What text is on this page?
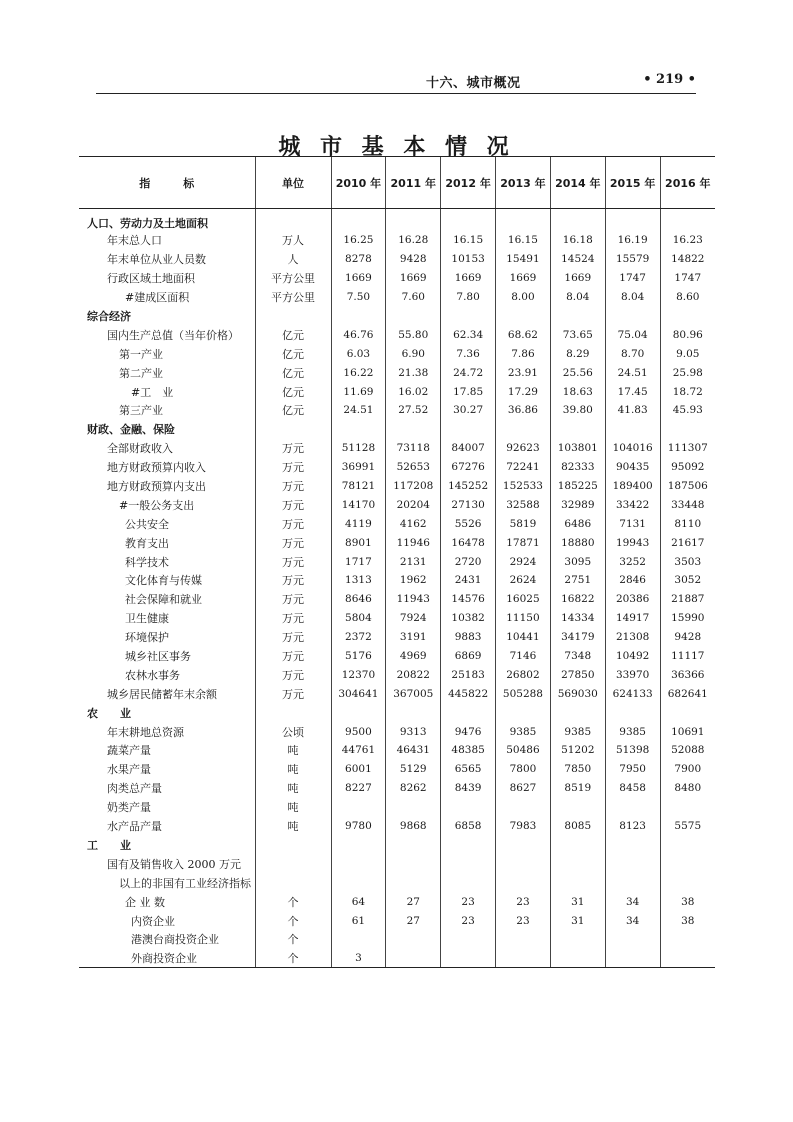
十六、城市概况	• 219 •
城 市 基 本 情 况
指　　　标	单位	2010 年	2011 年	2012 年	2013 年	2014 年	2015 年	2016 年
人口、劳动力及土地面积								
年末总人口	万人	16.25	16.28	16.15	16.15	16.18	16.19	16.23
年末单位从业人员数	人	8278	9428	10153	15491	14524	15579	14822
行政区域土地面积	平方公里	1669	1669	1669	1669	1669	1747	1747
#建成区面积	平方公里	7.50	7.60	7.80	8.00	8.04	8.04	8.60
综合经济								
国内生产总值（当年价格）	亿元	46.76	55.80	62.34	68.62	73.65	75.04	80.96
第一产业	亿元	6.03	6.90	7.36	7.86	8.29	8.70	9.05
第二产业	亿元	16.22	21.38	24.72	23.91	25.56	24.51	25.98
#工　业	亿元	11.69	16.02	17.85	17.29	18.63	17.45	18.72
第三产业	亿元	24.51	27.52	30.27	36.86	39.80	41.83	45.93
财政、金融、保险								
全部财政收入	万元	51128	73118	84007	92623	103801	104016	111307
地方财政预算内收入	万元	36991	52653	67276	72241	82333	90435	95092
地方财政预算内支出	万元	78121	117208	145252	152533	185225	189400	187506
#一般公务支出	万元	14170	20204	27130	32588	32989	33422	33448
公共安全	万元	4119	4162	5526	5819	6486	7131	8110
教育支出	万元	8901	11946	16478	17871	18880	19943	21617
科学技术	万元	1717	2131	2720	2924	3095	3252	3503
文化体育与传媒	万元	1313	1962	2431	2624	2751	2846	3052
社会保障和就业	万元	8646	11943	14576	16025	16822	20386	21887
卫生健康	万元	5804	7924	10382	11150	14334	14917	15990
环境保护	万元	2372	3191	9883	10441	34179	21308	9428
城乡社区事务	万元	5176	4969	6869	7146	7348	10492	11117
农林水事务	万元	12370	20822	25183	26802	27850	33970	36366
城乡居民储蓄年末余额	万元	304641	367005	445822	505288	569030	624133	682641
农　　业								
年末耕地总资源	公顷	9500	9313	9476	9385	9385	9385	10691
蔬菜产量	吨	44761	46431	48385	50486	51202	51398	52088
水果产量	吨	6001	5129	6565	7800	7850	7950	7900
肉类总产量	吨	8227	8262	8439	8627	8519	8458	8480
奶类产量	吨							
水产品产量	吨	9780	9868	6858	7983	8085	8123	5575
工　　业								
国有及销售收入 2000 万元								
以上的非国有工业经济指标								
企 业 数	个	64	27	23	23	31	34	38
内资企业	个	61	27	23	23	31	34	38
港澳台商投资企业	个							
外商投资企业	个	3						
